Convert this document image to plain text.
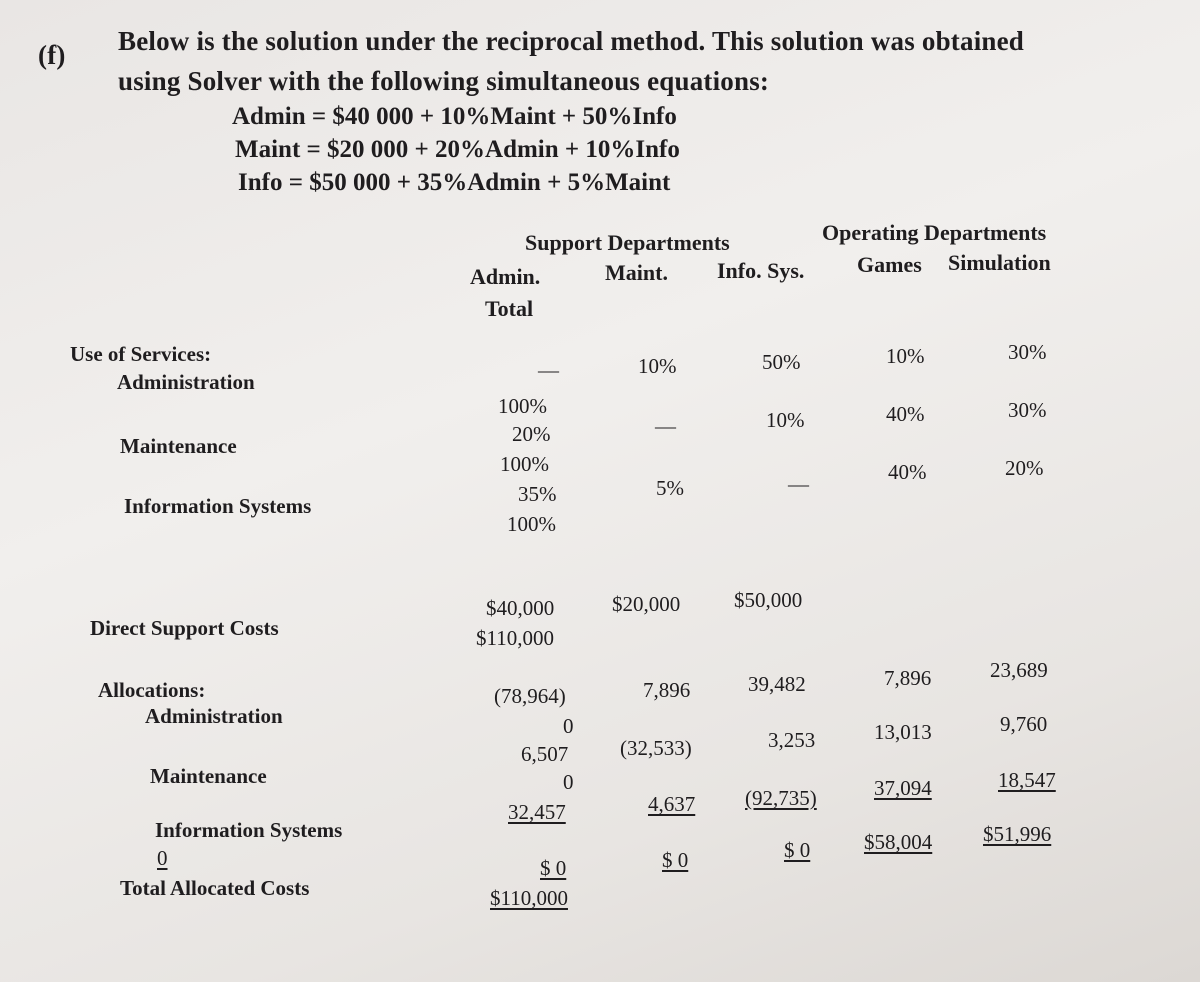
(f) Below is the solution under the reciprocal method. This solution was obtained
using Solver with the following simultaneous equations:
Admin = $40 000 + 10%Maint + 50%Info
Maint = $20 000 + 20%Admin + 10%Info
Info = $50 000 + 35%Admin + 5%Maint
Support Departments	Operating Departments
Admin.	Maint. Info. Sys. Games Simulation
Total
Use of Services:
Administration	—	10%	50%	10%	30%
100%
Maintenance	20%	—	10%	40%	30%
100%
Information Systems	35%	5%	—	40%	20%
100%
Direct Support Costs
$40,000	$20,000	$50,000
$110,000
Allocations:
Administration
(78,964)	7,896	39,482	7,896	23,689
0
Maintenance
6,507 (32,533)	3,253	13,013	9,760
0
Information Systems
32,457	4,637 (92,735)	37,094	18,547
0
Total Allocated Costs
$ 0	$ 0	$ 0	$58,004 $51,996
$110,000
